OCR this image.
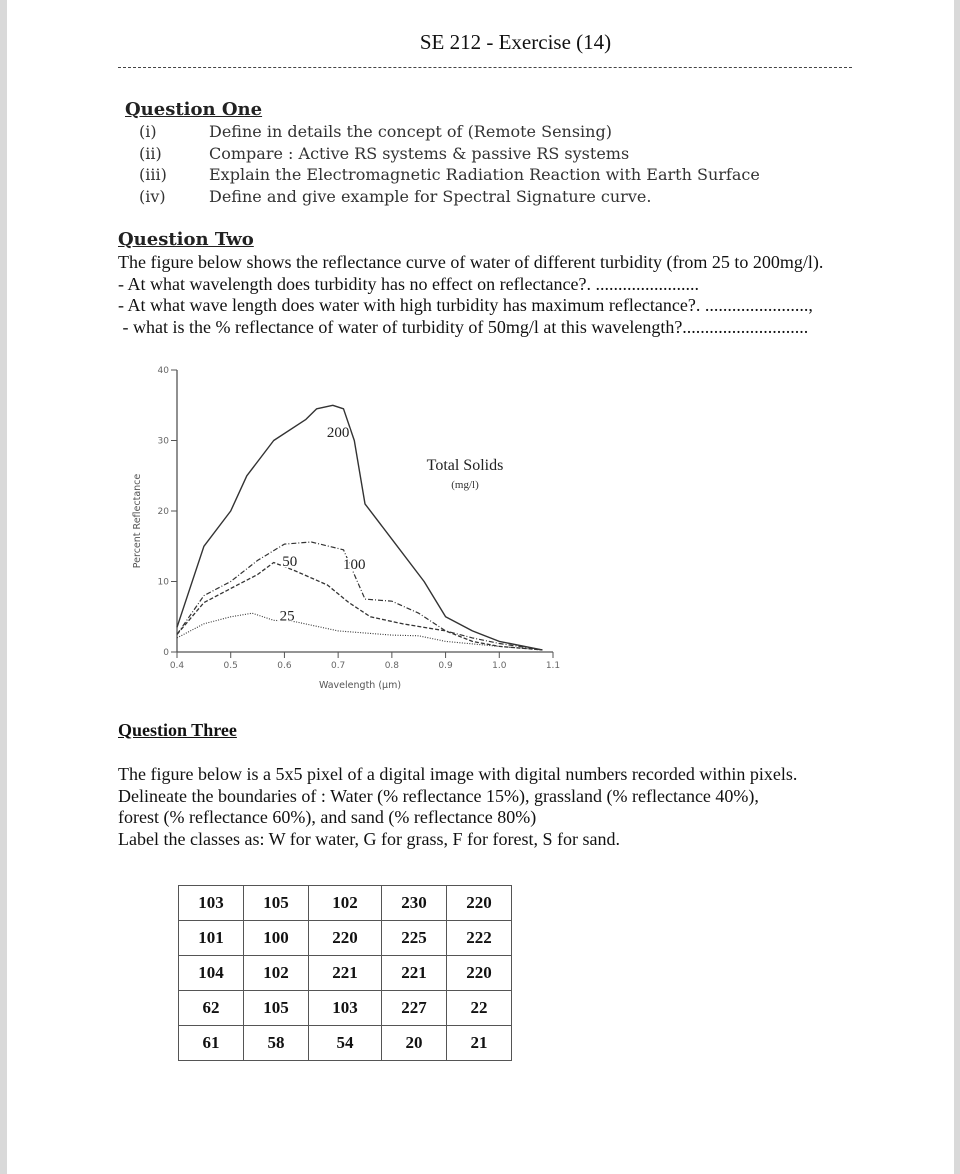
SE 212 - Exercise (14)
Question One
(i)	Define in details the concept of (Remote Sensing)
(ii)	Compare : Active RS systems & passive RS systems
(iii)	Explain the Electromagnetic Radiation Reaction with Earth Surface
(iv)	Define and give example for Spectral Signature curve.
Question Two
The figure below shows the reflectance curve of water of different turbidity (from 25 to 200mg/l).
- At what wavelength does turbidity has no effect on reflectance?. .......................
- At what wave length does water with high turbidity has maximum reflectance?. .......................,
- what is the % reflectance of water of turbidity of 50mg/l at this wavelength?............................
0
10
20
30
40
0.4	0.5	0.6	0.7	0.8	0.9	1.0	1.1
Wavelength (µm)
Percent Reflectance
200
100
50
25
Total Solids
(mg/l)
Question Three
The figure below is a 5x5 pixel of a digital image with digital numbers recorded within pixels.
Delineate the boundaries of : Water (% reflectance 15%), grassland (% reflectance 40%),
forest (% reflectance 60%), and sand (% reflectance 80%)
Label the classes as: W for water, G for grass, F for forest, S for sand.
103	105	102	230	220
101	100	220	225	222
104	102	221	221	220
62	105	103	227	22
61	58	54	20	21
